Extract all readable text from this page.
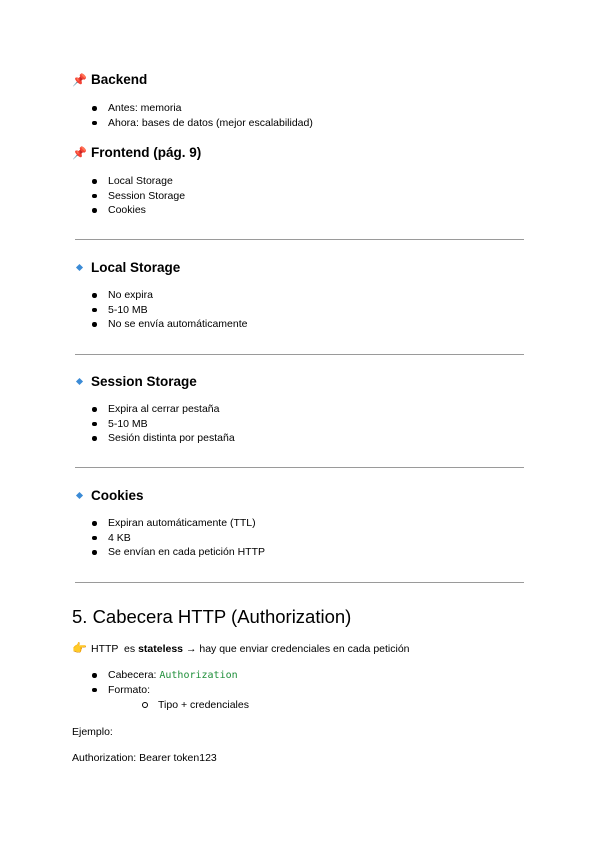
📌 Backend
Antes: memoria
Ahora: bases de datos (mejor escalabilidad)
📌 Frontend (pág. 9)
Local Storage
Session Storage
Cookies
Local Storage
No expira
5-10 MB
No se envía automáticamente
Session Storage
Expira al cerrar pestaña
5-10 MB
Sesión distinta por pestaña
Cookies
Expiran automáticamente (TTL)
4 KB
Se envían en cada petición HTTP
5. Cabecera HTTP (Authorization)
👉 HTTP  es stateless → hay que enviar credenciales en cada petición
Cabecera: Authorization
Formato:
Tipo + credenciales
Ejemplo:
Authorization: Bearer token123
